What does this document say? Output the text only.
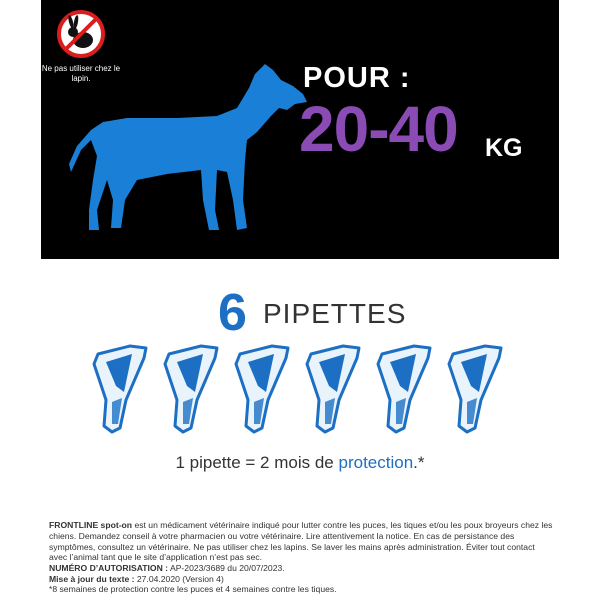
Ne pas utiliser chez le lapin.	POUR :
20-40 KG
6 PIPETTES
1 pipette = 2 mois de protection.*
FRONTLINE spot-on est un médicament vétérinaire indiqué pour lutter contre les puces, les tiques et/ou les poux broyeurs chez les chiens. Demandez conseil à votre pharmacien ou votre vétérinaire. Lire attentivement la notice. En cas de persistance des symptômes, consultez un vétérinaire. Ne pas utiliser chez les lapins. Se laver les mains après administration. Éviter tout contact avec l’animal tant que le site d’application n’est pas sec.
NUMÉRO D’AUTORISATION : AP-2023/3689 du 20/07/2023.
Mise à jour du texte : 27.04.2020 (Version 4)
*8 semaines de protection contre les puces et 4 semaines contre les tiques.
